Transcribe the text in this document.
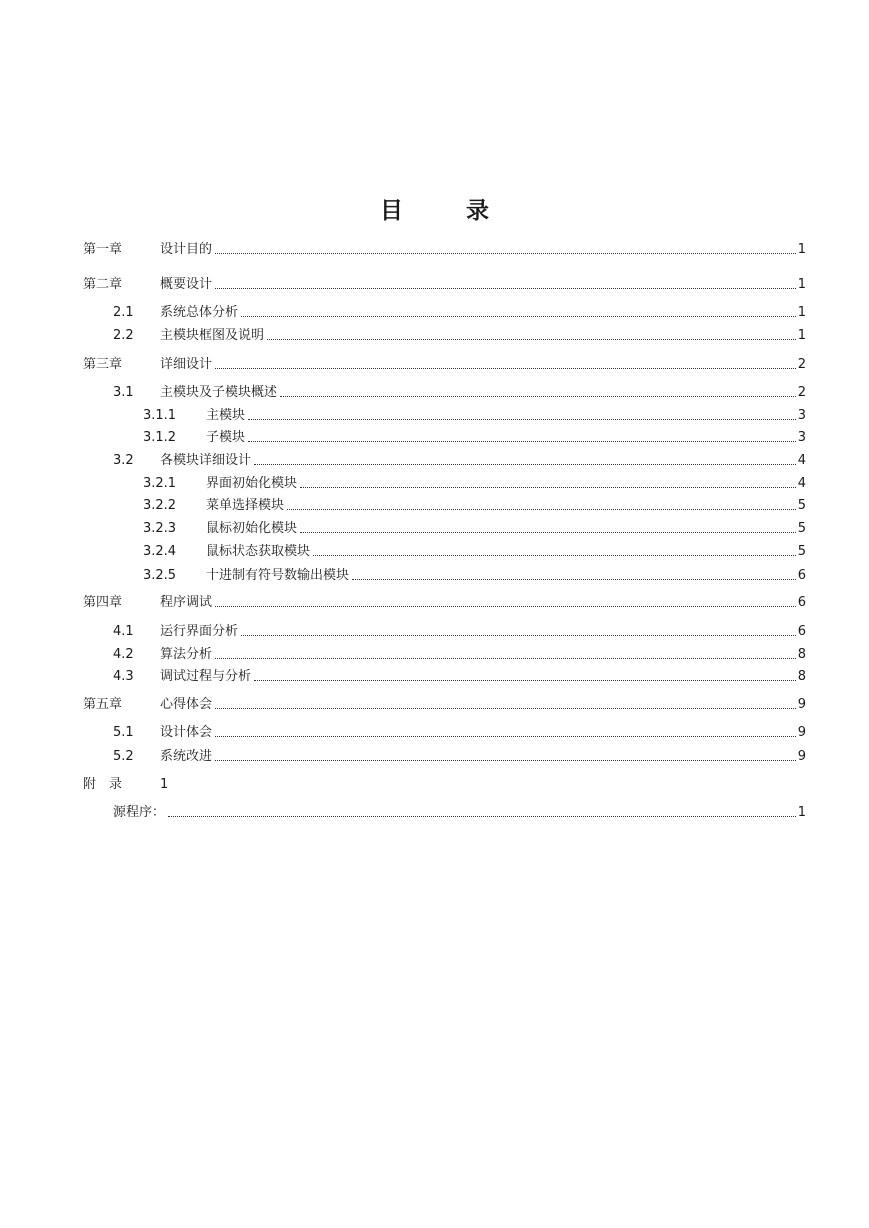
目　录
第一章	设计目的	1
第二章	概要设计	1
2.1	系统总体分析	1
2.2	主模块框图及说明	1
第三章	详细设计	2
3.1	主模块及子模块概述	2
3.1.1	主模块	3
3.1.2	子模块	3
3.2	各模块详细设计	4
3.2.1	界面初始化模块	4
3.2.2	菜单选择模块	5
3.2.3	鼠标初始化模块	5
3.2.4	鼠标状态获取模块	5
3.2.5	十进制有符号数输出模块	6
第四章	程序调试	6
4.1	运行界面分析	6
4.2	算法分析	8
4.3	调试过程与分析	8
第五章	心得体会	9
5.1	设计体会	9
5.2	系统改进	9
附　录	1
源程序：	1
